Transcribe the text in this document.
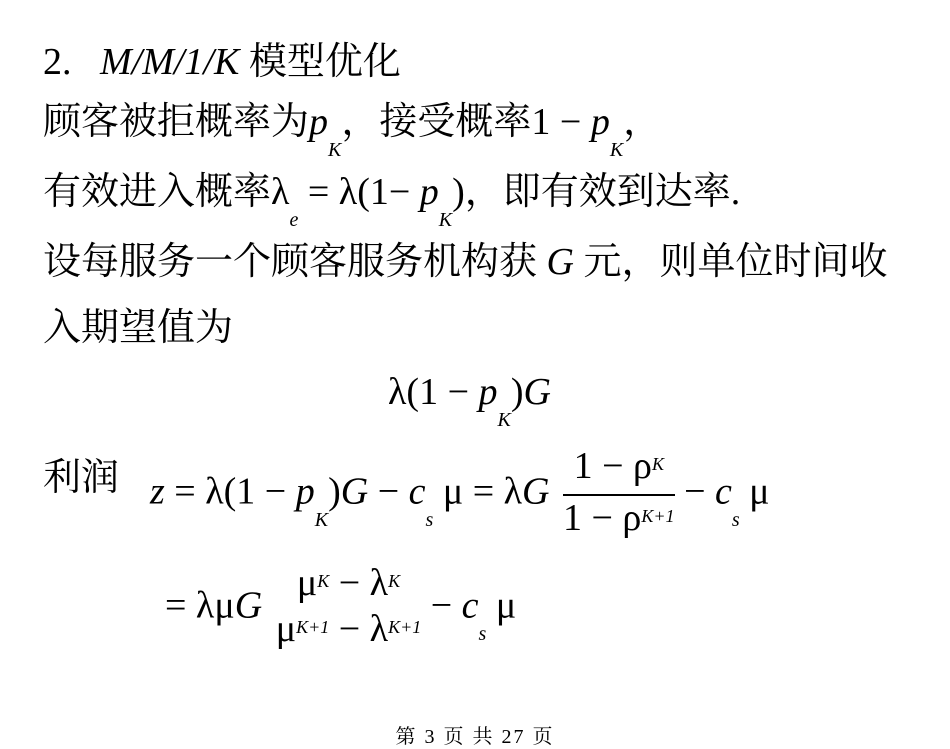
2. M/M/1/K 模型优化
顾客被拒概率为$p_K$，接受概率$1 - p_K$，
有效进入概率$\lambda_e = \lambda(1- p_K)$，即有效到达率.
设每服务一个顾客服务机构获 G 元，则单位时间收
入期望值为
$\lambda(1 - p_K)G$
利润 $z = \lambda(1 - p_K)G - c_s$ μ = λG $\frac{1 - \rho^K}{1 - \rho^{K+1}} - c_s$ μ
= λμG
$\mu^K - \lambda^K$
$\mu^{K+1} - \lambda^{K+1}$
− $c_s$ μ
第 3 页 共 27 页
